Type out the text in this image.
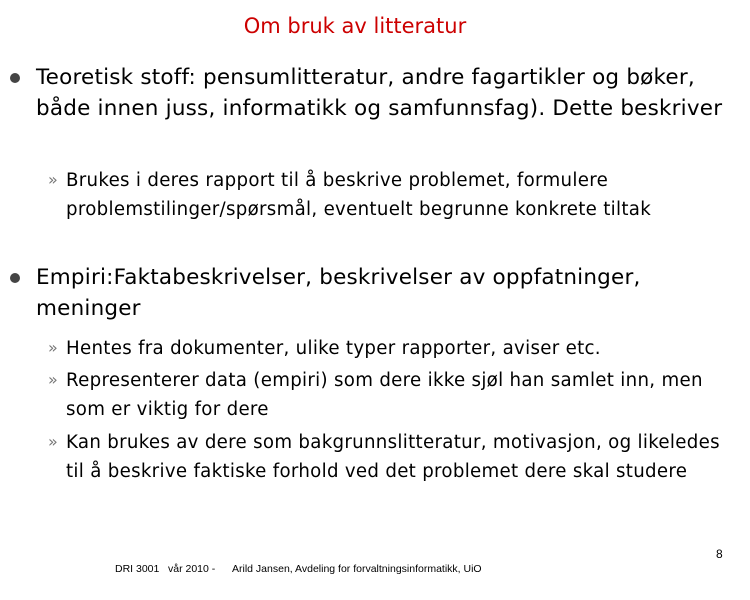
Om bruk av litteratur
Teoretisk stoff: pensumlitteratur, andre fagartikler og bøker, både innen juss, informatikk og samfunnsfag). Dette beskriver
» Brukes i deres rapport til å beskrive problemet, formulere problemstilinger/spørsmål, eventuelt begrunne konkrete tiltak
Empiri:Faktabeskrivelser, beskrivelser av oppfatninger, meninger
» Hentes fra dokumenter, ulike typer rapporter, aviser etc.
» Representerer data (empiri) som dere ikke sjøl han samlet inn, men som er viktig for dere
» Kan brukes av dere som bakgrunnslitteratur, motivasjon, og likeledes til å beskrive faktiske forhold ved det problemet dere skal studere
DRI 3001 vår 2010 - Arild Jansen, Avdeling for forvaltningsinformatikk, UiO
8
